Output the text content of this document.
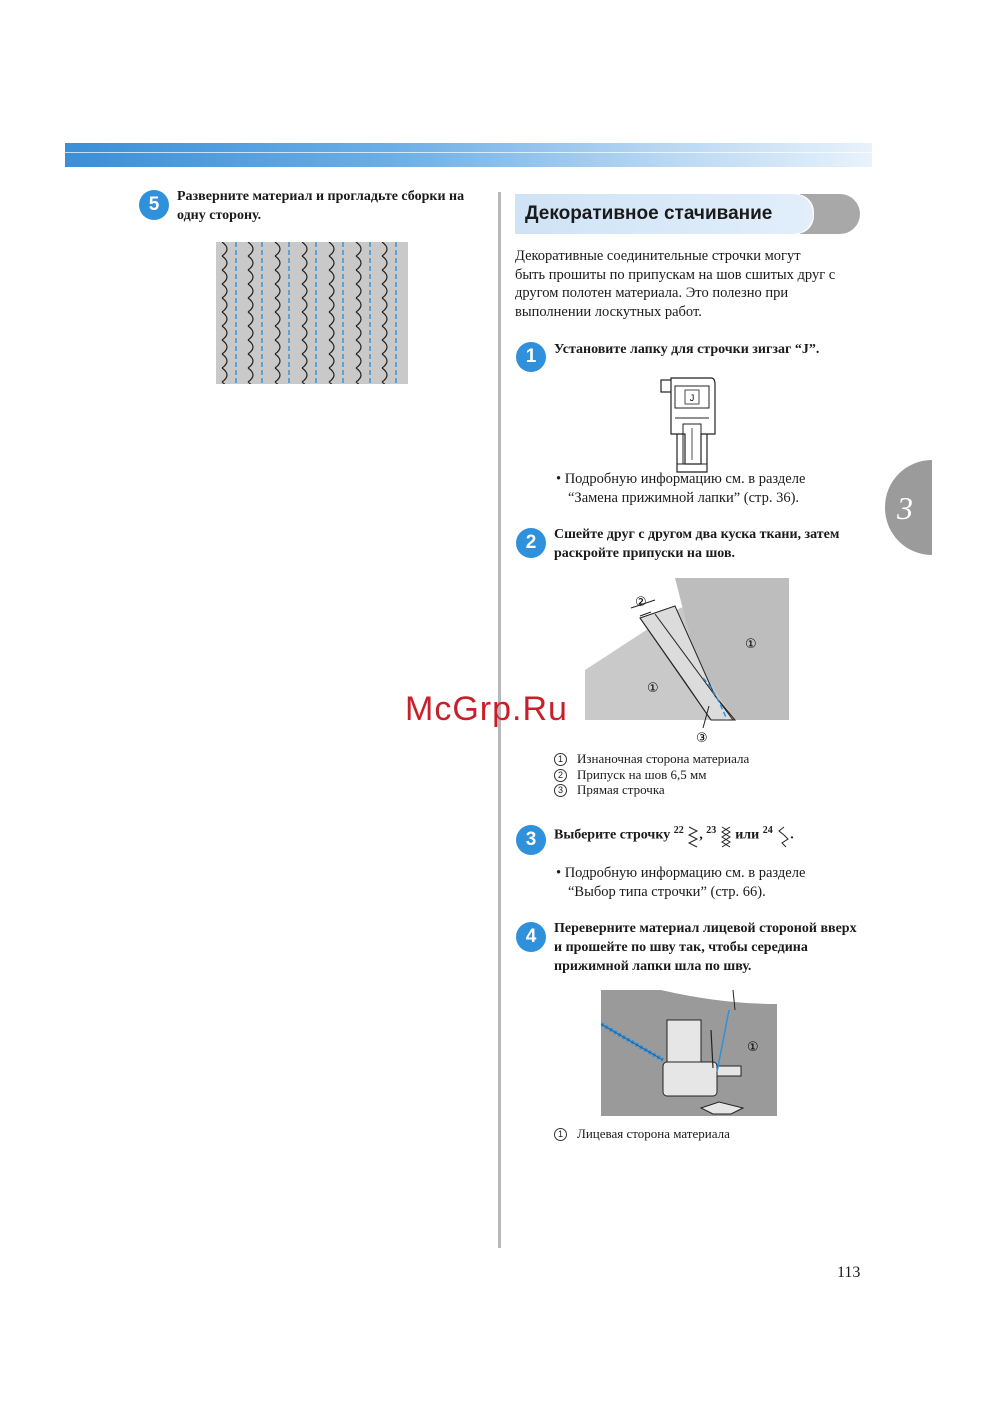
5	Разверните материал и прогладьте сборки на
одну сторону.	Декоративное стачивание
Декоративные соединительные строчки могут
быть прошиты по припускам на шов сшитых друг с
другом полотен материала. Это полезно при
выполнении лоскутных работ.
1	Установите лапку для строчки зигзаг “J”.
J
• Подробную информацию см. в разделе
“Замена прижимной лапки” (стр. 36).
2	Сшейте друг с другом два куска ткани, затем
раскройте припуски на шов.
②
①
①
③
1 Изнаночная сторона материала
2 Припуск на шов 6,5 мм
3 Прямая строчка
3	Выберите строчку $^{22}$ , $^{23}$ или $^{24}$ .
• Подробную информацию см. в разделе
“Выбор типа строчки” (стр. 66).
4	Переверните материал лицевой стороной вверх
и прошейте по шву так, чтобы середина
прижимной лапки шла по шву.
①
1 Лицевая сторона материала
3
McGrp.Ru
113
